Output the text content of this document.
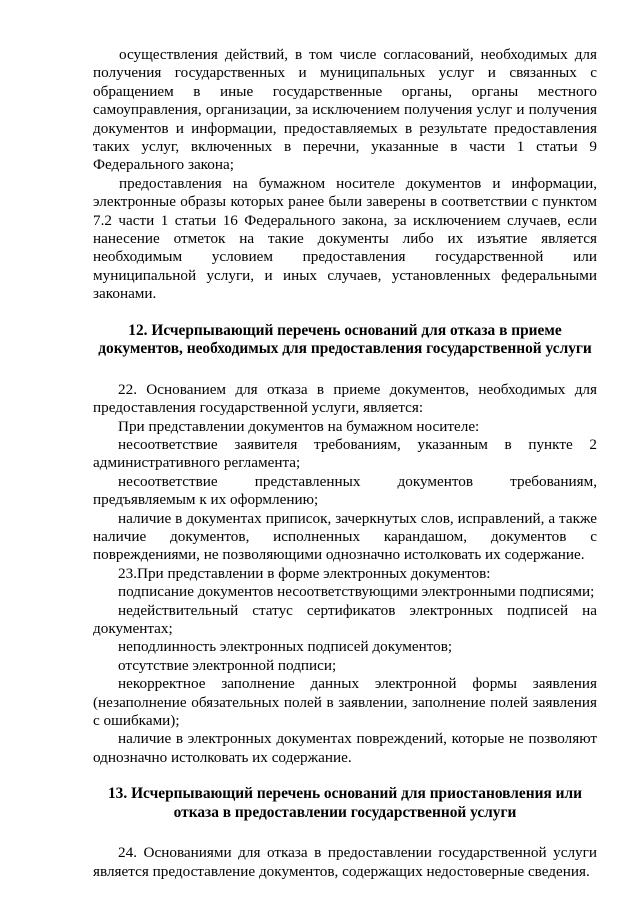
осуществления действий, в том числе согласований, необходимых для получения государственных и муниципальных услуг и связанных с обращением в иные государственные органы, органы местного самоуправления, организации, за исключением получения услуг и получения документов и информации, предоставляемых в результате предоставления таких услуг, включенных в перечни, указанные в части 1 статьи 9 Федерального закона;

предоставления на бумажном носителе документов и информации, электронные образы которых ранее были заверены в соответствии с пунктом 7.2 части 1 статьи 16 Федерального закона, за исключением случаев, если нанесение отметок на такие документы либо их изъятие является необходимым условием предоставления государственной или муниципальной услуги, и иных случаев, установленных федеральными законами.

12. Исчерпывающий перечень оснований для отказа в приеме документов, необходимых для предоставления государственной услуги

22. Основанием для отказа в приеме документов, необходимых для предоставления государственной услуги, является:

При представлении документов на бумажном носителе:

несоответствие заявителя требованиям, указанным в пункте 2 административного регламента;

несоответствие представленных документов требованиям, предъявляемым к их оформлению;

наличие в документах приписок, зачеркнутых слов, исправлений, а также наличие документов, исполненных карандашом, документов с повреждениями, не позволяющими однозначно истолковать их содержание.

23.При представлении в форме электронных документов:

подписание документов несоответствующими электронными подписями;

недействительный статус сертификатов электронных подписей на документах;

неподлинность электронных подписей документов;

отсутствие электронной подписи;

некорректное заполнение данных электронной формы заявления (незаполнение обязательных полей в заявлении, заполнение полей заявления с ошибками);

наличие в электронных документах повреждений, которые не позволяют однозначно истолковать их содержание.

13. Исчерпывающий перечень оснований для приостановления или отказа в предоставлении государственной услуги

24. Основаниями для отказа в предоставлении государственной услуги является предоставление документов, содержащих недостоверные сведения.
